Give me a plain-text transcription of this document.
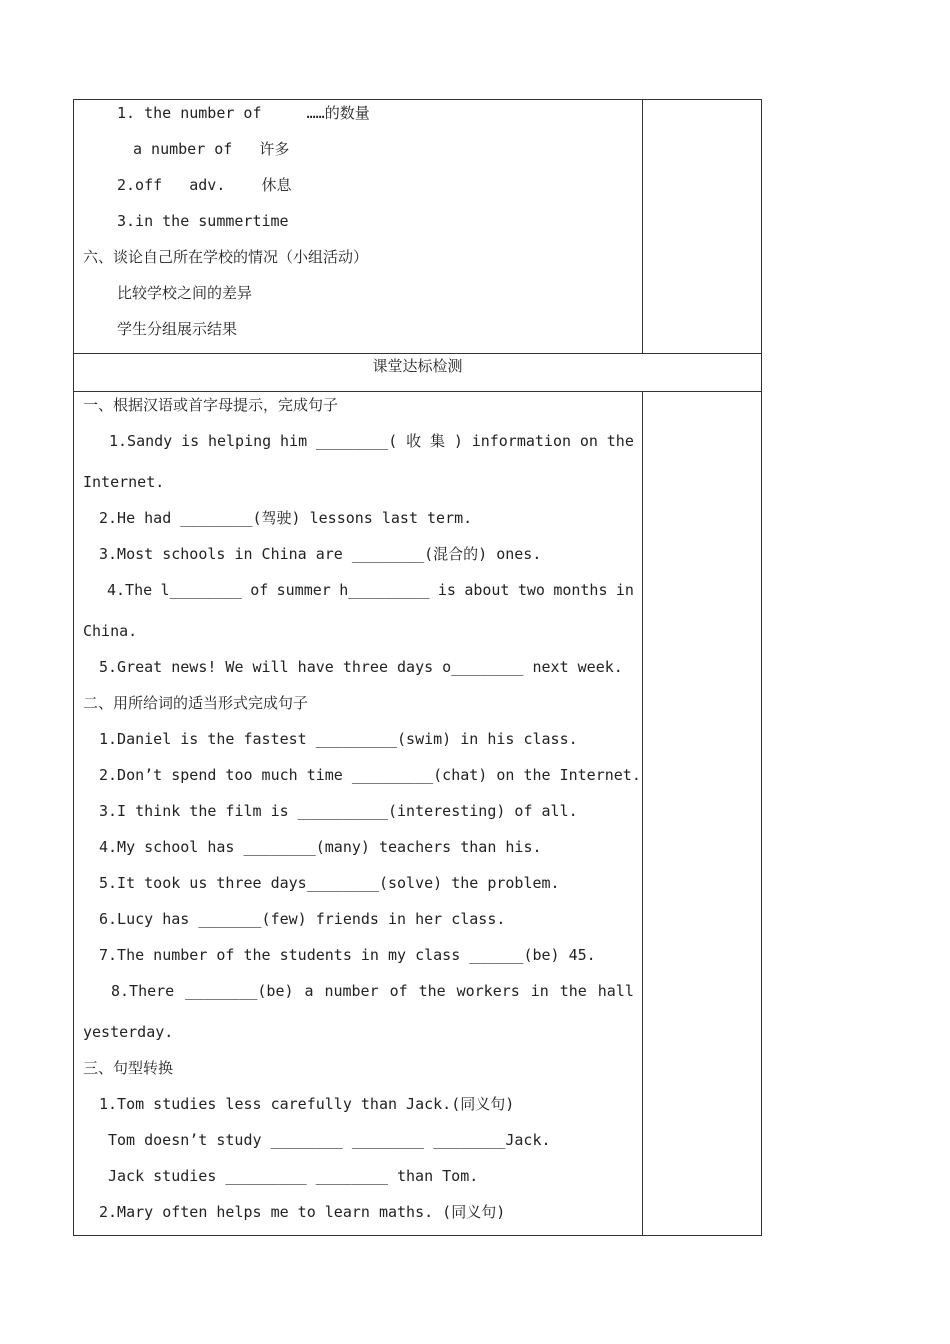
1. the number of     ……的数量
a number of   许多
2.off   adv.    休息
3.in the summertime
六、谈论自己所在学校的情况（小组活动）
比较学校之间的差异
学生分组展示结果
课堂达标检测
一、根据汉语或首字母提示，完成句子
1.Sandy is helping him ________( 收 集 ) information on the
Internet.
2.He had ________(驾驶) lessons last term.
3.Most schools in China are ________(混合的) ones.
4.The l________ of summer h_________ is about two months in
China.
5.Great news! We will have three days o________ next week.
二、用所给词的适当形式完成句子
1.Daniel is the fastest _________(swim) in his class.
2.Don’t spend too much time _________(chat) on the Internet.
3.I think the film is __________(interesting) of all.
4.My school has ________(many) teachers than his.
5.It took us three days________(solve) the problem.
6.Lucy has _______(few) friends in her class.
7.The number of the students in my class ______(be) 45.
8.There ________(be) a number of the workers in the hall
yesterday.
三、句型转换
1.Tom studies less carefully than Jack.(同义句)
Tom doesn’t study ________ ________ ________Jack.
Jack studies _________ ________ than Tom.
2.Mary often helps me to learn maths. (同义句)
